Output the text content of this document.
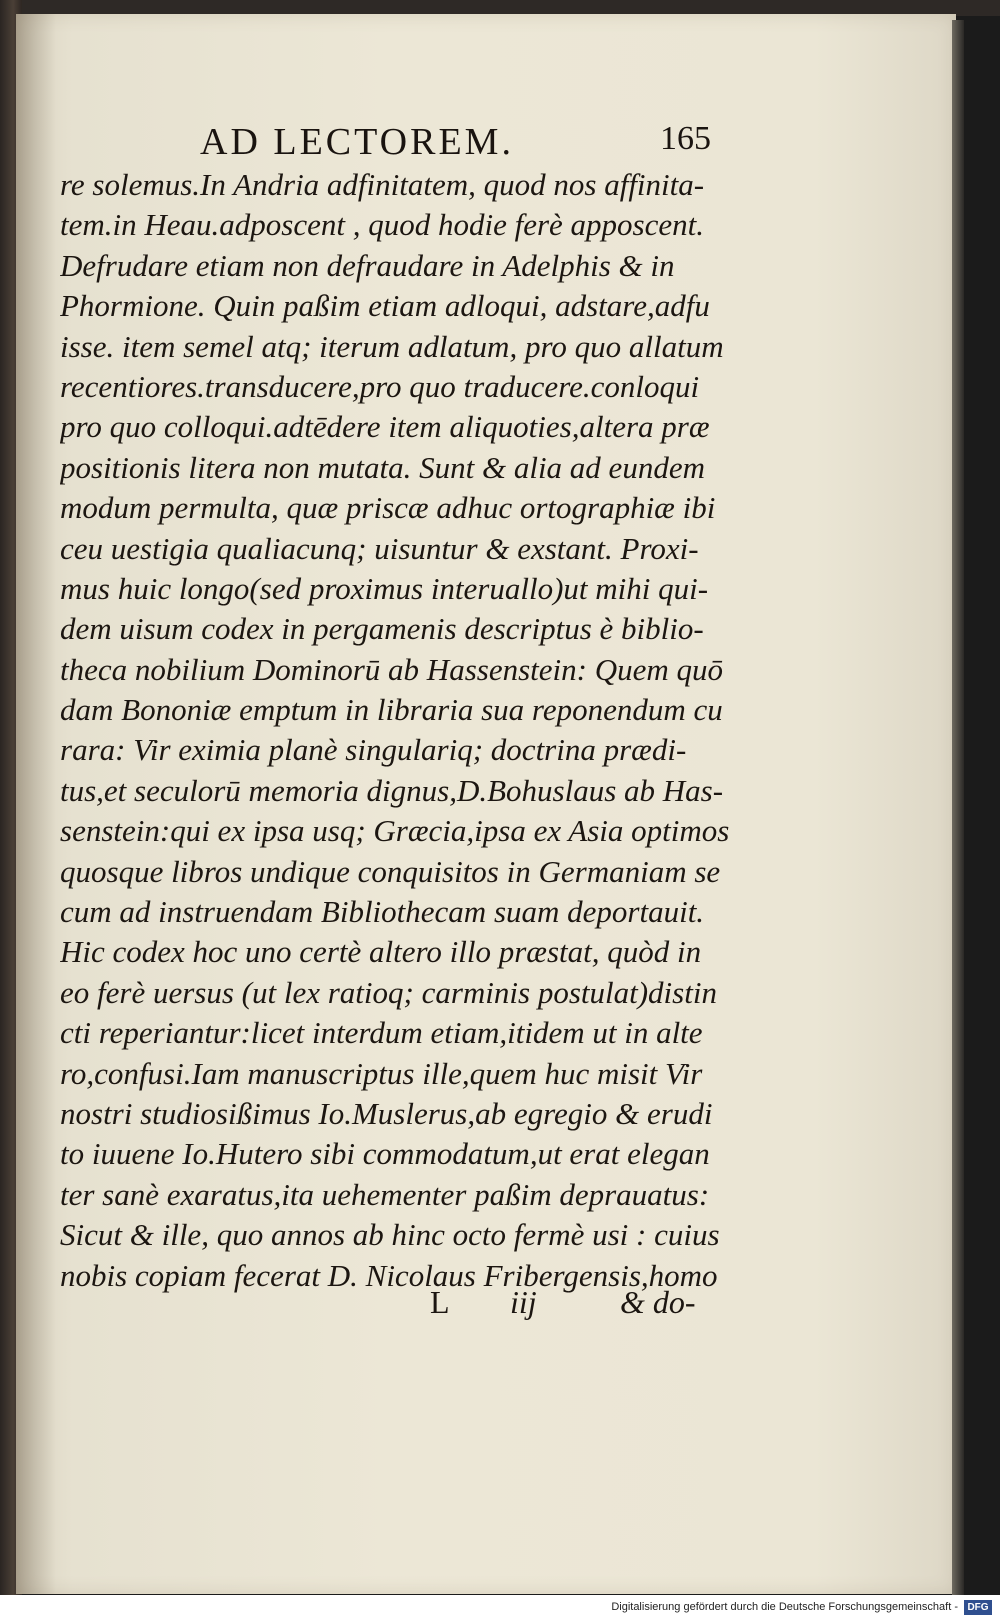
AD LECTOREM.	165
re solemus.In Andria adfinitatem, quod nos affinita-
tem.in Heau.adposcent , quod hodie ferè apposcent.
Defrudare etiam non defraudare in Adelphis & in
Phormione. Quin paßim etiam adloqui, adstare,adfu
isse. item semel atq; iterum adlatum, pro quo allatum
recentiores.transducere,pro quo traducere.conloqui
pro quo colloqui.adtēdere item aliquoties,altera præ
positionis litera non mutata. Sunt & alia ad eundem
modum permulta, quæ priscæ adhuc ortographiæ ibi
ceu uestigia qualiacunq; uisuntur & exstant. Proxi-
mus huic longo(sed proximus interuallo)ut mihi qui-
dem uisum codex in pergamenis descriptus è biblio-
theca nobilium Dominorū ab Hassenstein: Quem quō
dam Bononiæ emptum in libraria sua reponendum cu
rara: Vir eximia planè singulariq; doctrina prædi-
tus,et seculorū memoria dignus,D.Bohuslaus ab Has-
senstein:qui ex ipsa usq; Græcia,ipsa ex Asia optimos
quosque libros undique conquisitos in Germaniam se
cum ad instruendam Bibliothecam suam deportauit.
Hic codex hoc uno certè altero illo præstat, quòd in
eo ferè uersus (ut lex ratioq; carminis postulat)distin
cti reperiantur:licet interdum etiam,itidem ut in alte
ro,confusi.Iam manuscriptus ille,quem huc misit Vir
nostri studiosißimus Io.Muslerus,ab egregio & erudi
to iuuene Io.Hutero sibi commodatum,ut erat elegan
ter sanè exaratus,ita uehementer paßim deprauatus:
Sicut & ille, quo annos ab hinc octo fermè usi : cuius
nobis copiam fecerat D. Nicolaus Fribergensis,homo
L iij	& do-
Digitalisierung gefördert durch die Deutsche Forschungsgemeinschaft - DFG
